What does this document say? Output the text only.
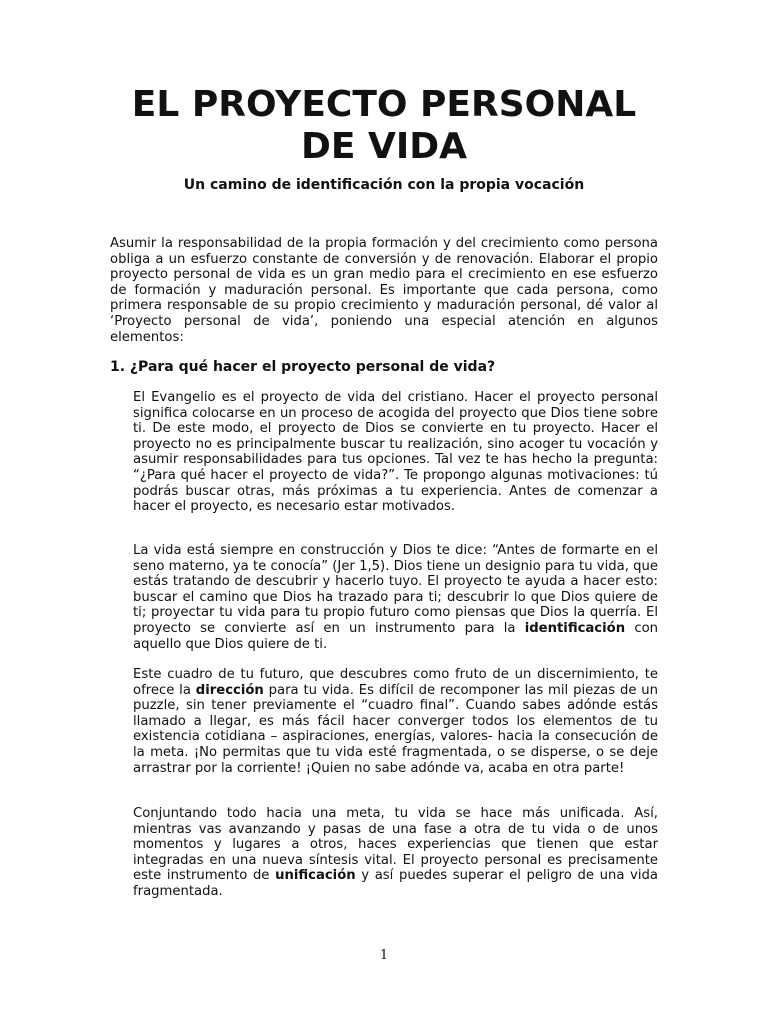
EL PROYECTO PERSONAL
DE VIDA
Un camino de identificación con la propia vocación

Asumir la responsabilidad de la propia formación y del crecimiento como persona obliga a un esfuerzo constante de conversión y de renovación. Elaborar el propio proyecto personal de vida es un gran medio para el crecimiento en ese esfuerzo de formación y maduración personal. Es importante que cada persona, como primera responsable de su propio crecimiento y maduración personal, dé valor al ‘Proyecto personal de vida’, poniendo una especial atención en algunos elementos:

1. ¿Para qué hacer el proyecto personal de vida?

El Evangelio es el proyecto de vida del cristiano. Hacer el proyecto personal significa colocarse en un proceso de acogida del proyecto que Dios tiene sobre ti. De este modo, el proyecto de Dios se convierte en tu proyecto. Hacer el proyecto no es principalmente buscar tu realización, sino acoger tu vocación y asumir responsabilidades para tus opciones. Tal vez te has hecho la pregunta: “¿Para qué hacer el proyecto de vida?”. Te propongo algunas motivaciones: tú podrás buscar otras, más próximas a tu experiencia. Antes de comenzar a hacer el proyecto, es necesario estar motivados.

La vida está siempre en construcción y Dios te dice: “Antes de formarte en el seno materno, ya te conocía” (Jer 1,5). Dios tiene un designio para tu vida, que estás tratando de descubrir y hacerlo tuyo. El proyecto te ayuda a hacer esto: buscar el camino que Dios ha trazado para ti; descubrir lo que Dios quiere de ti; proyectar tu vida para tu propio futuro como piensas que Dios la querría. El proyecto se convierte así en un instrumento para la identificación con aquello que Dios quiere de ti.

Este cuadro de tu futuro, que descubres como fruto de un discernimiento, te ofrece la dirección para tu vida. Es difícil de recomponer las mil piezas de un puzzle, sin tener previamente el “cuadro final”. Cuando sabes adónde estás llamado a llegar, es más fácil hacer converger todos los elementos de tu existencia cotidiana – aspiraciones, energías, valores- hacia la consecución de la meta. ¡No permitas que tu vida esté fragmentada, o se disperse, o se deje arrastrar por la corriente! ¡Quien no sabe adónde va, acaba en otra parte!

Conjuntando todo hacia una meta, tu vida se hace más unificada. Así, mientras vas avanzando y pasas de una fase a otra de tu vida o de unos momentos y lugares a otros, haces experiencias que tienen que estar integradas en una nueva síntesis vital. El proyecto personal es precisamente este instrumento de unificación y así puedes superar el peligro de una vida fragmentada.

1
